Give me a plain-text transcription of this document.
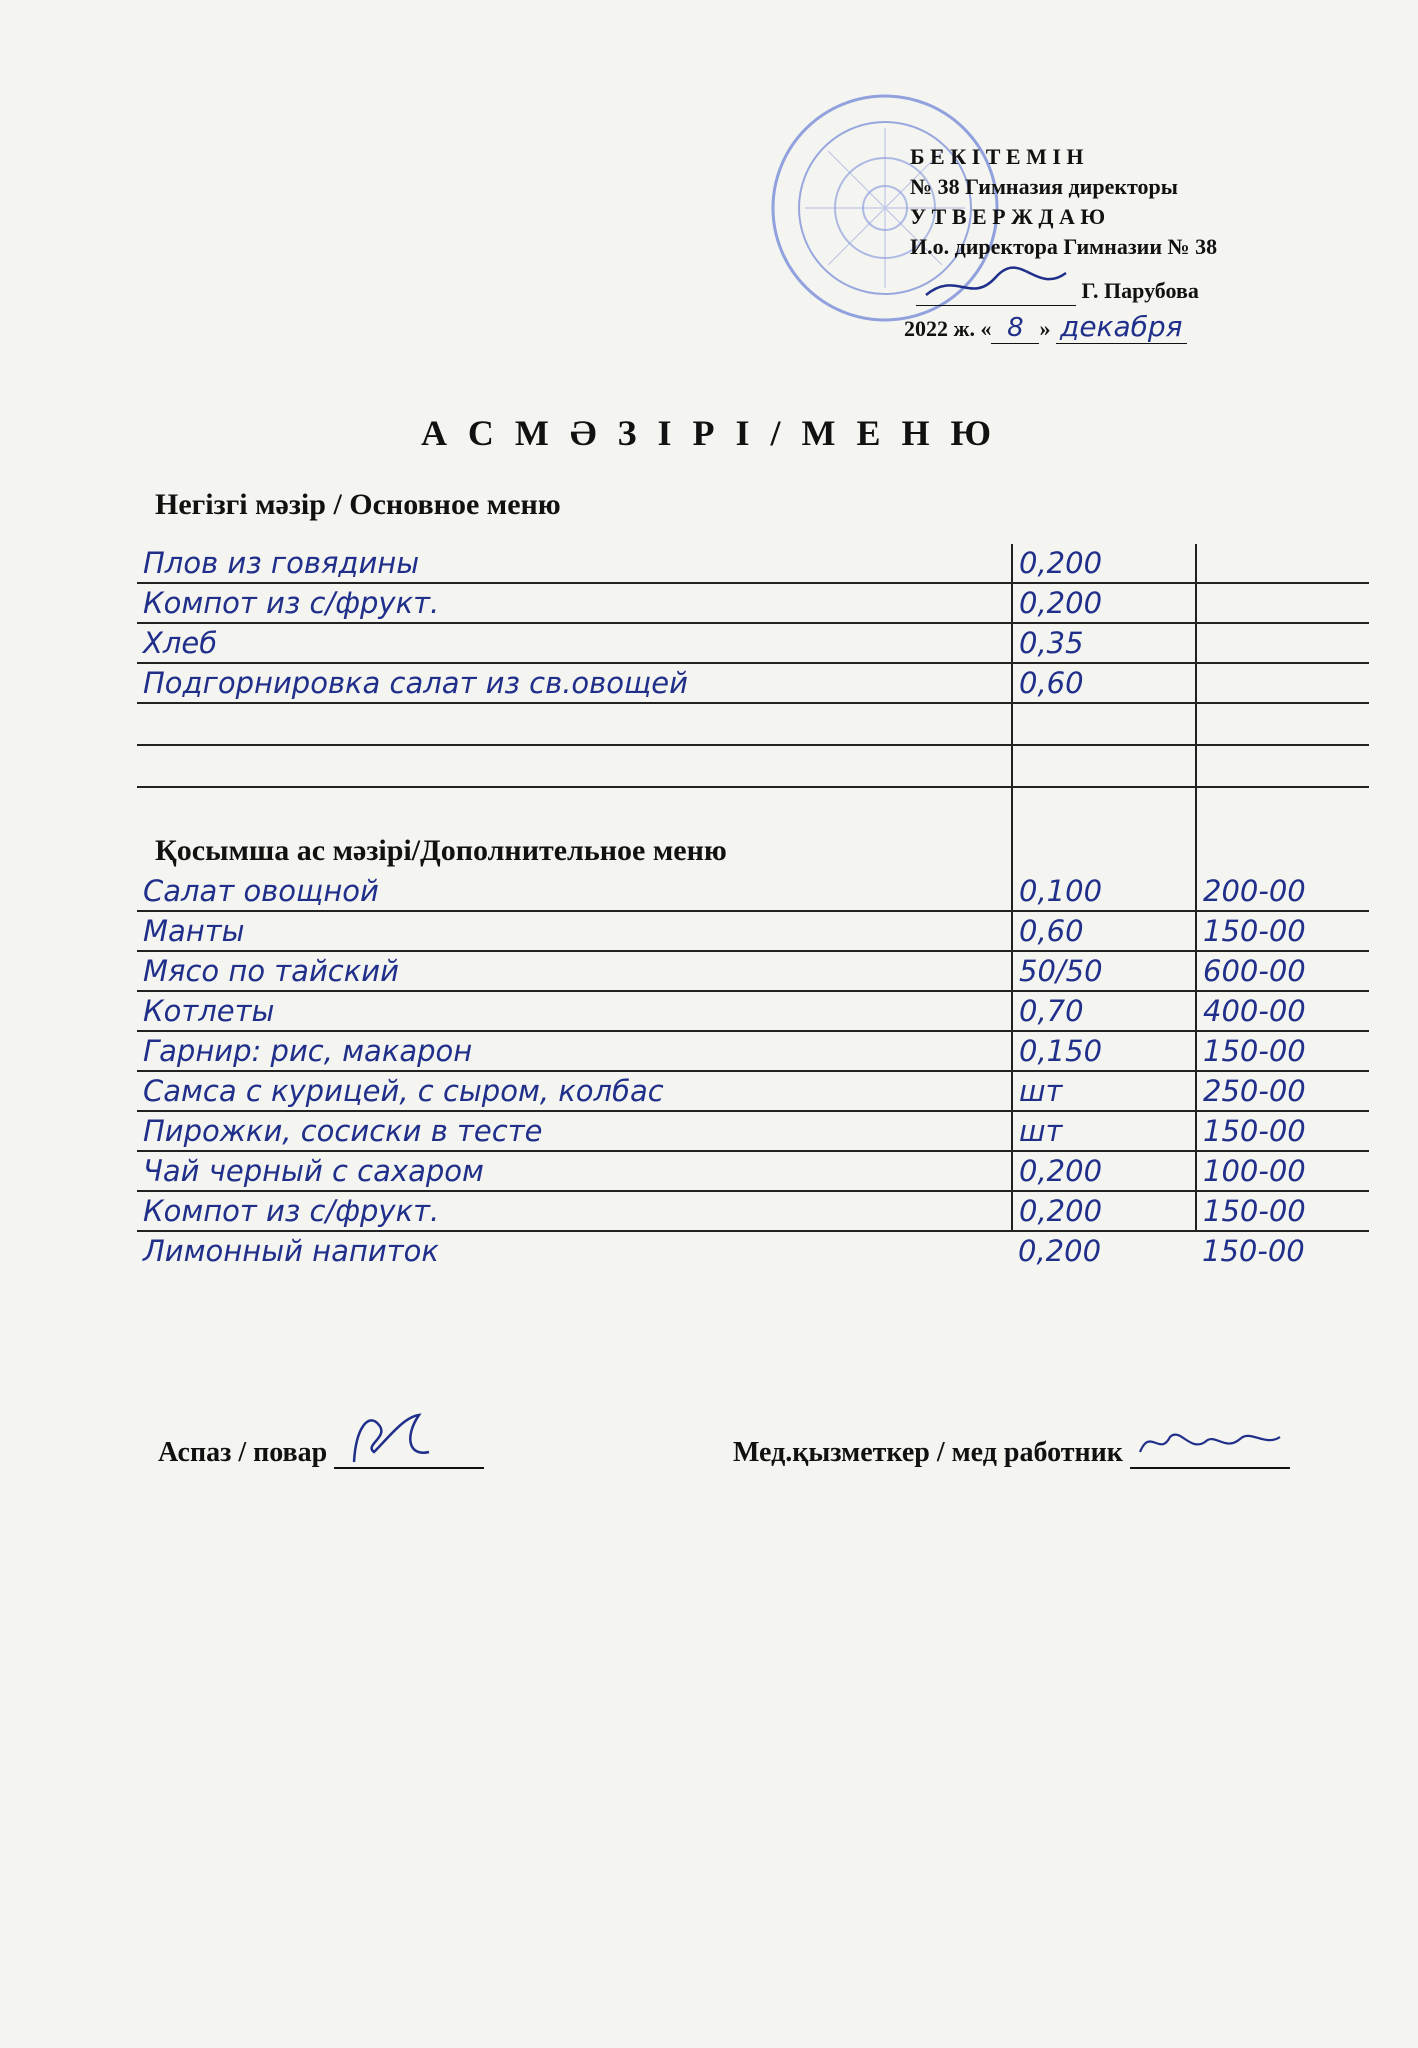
Б Е К І Т Е М І Н
№ 38 Гимназия директоры
У Т В Е Р Ж Д А Ю
И.о. директора Гимназии № 38
Г. Парубова
2022 ж. « 8 » декабря
А С М Ә З І Р І / М Е Н Ю
Негізгі мәзір / Основное меню
Плов из говядины	0,200	
Компот из с/фрукт.	0,200	
Хлеб	0,35	
Подгорнировка салат из св.овощей	0,60	

Қосымша ас мәзірі/Дополнительное меню
Салат овощной	0,100	200-00
Манты	0,60	150-00
Мясо по тайский	50/50	600-00
Котлеты	0,70	400-00
Гарнир: рис, макарон	0,150	150-00
Самса с курицей, с сыром, колбас	шт	250-00
Пирожки, сосиски в тесте	шт	150-00
Чай черный с сахаром	0,200	100-00
Компот из с/фрукт.	0,200	150-00
Лимонный напиток	0,200	150-00
Аспаз / повар	Мед.қызметкер / мед работник
